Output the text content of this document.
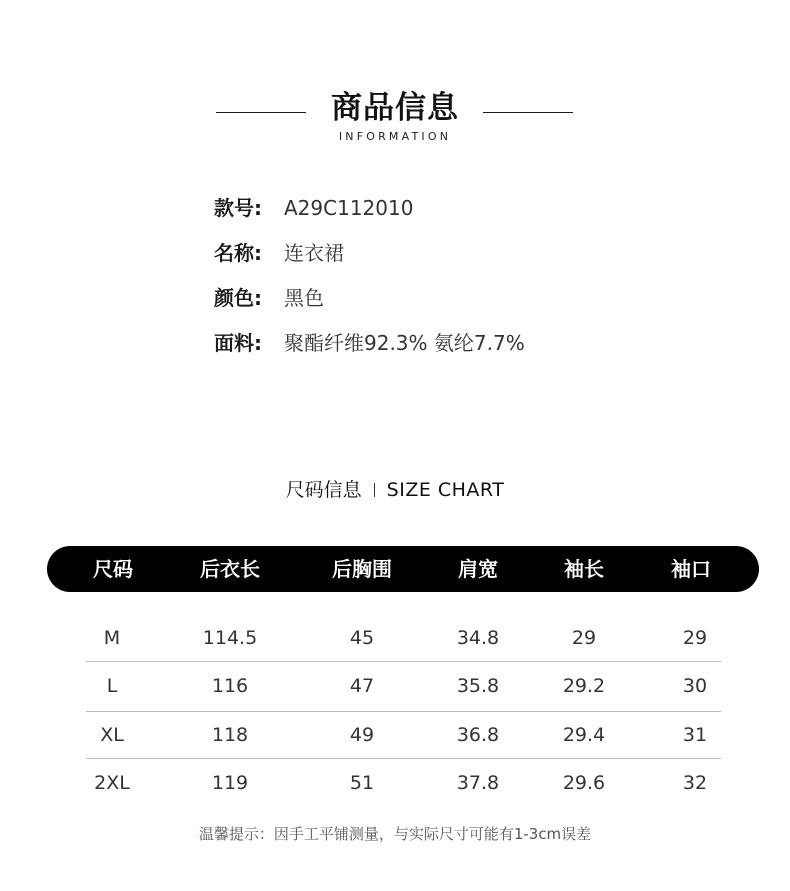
商品信息
INFORMATION
款号: A29C112010
名称: 连衣裙
颜色: 黑色
面料: 聚酯纤维92.3% 氨纶7.7%
尺码信息 SIZE CHART
尺码	后衣长	后胸围	肩宽	袖长	袖口
M	114.5	45	34.8	29	29
L	116	47	35.8	29.2	30
XL	118	49	36.8	29.4	31
2XL	119	51	37.8	29.6	32
温馨提示：因手工平铺测量，与实际尺寸可能有1-3cm误差
